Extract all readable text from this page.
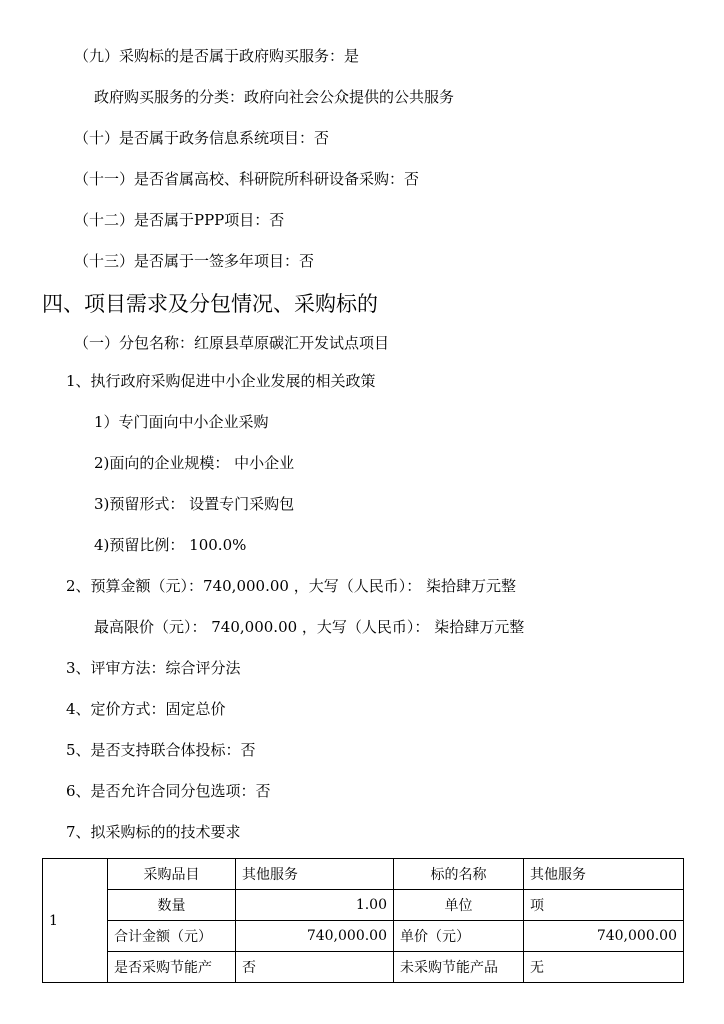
（九）采购标的是否属于政府购买服务：是
政府购买服务的分类：政府向社会公众提供的公共服务
（十）是否属于政务信息系统项目：否
（十一）是否省属高校、科研院所科研设备采购：否
（十二）是否属于PPP项目：否
（十三）是否属于一签多年项目：否
四、项目需求及分包情况、采购标的
（一）分包名称：红原县草原碳汇开发试点项目
1、执行政府采购促进中小企业发展的相关政策
1）专门面向中小企业采购
2)面向的企业规模： 中小企业
3)预留形式： 设置专门采购包
4)预留比例： 100.0%
2、预算金额（元）：740,000.00 ，大写（人民币）： 柒拾肆万元整
最高限价（元）： 740,000.00 ，大写（人民币）： 柒拾肆万元整
3、评审方法：综合评分法
4、定价方式：固定总价
5、是否支持联合体投标：否
6、是否允许合同分包选项：否
7、拟采购标的的技术要求
1	采购品目	其他服务	标的名称	其他服务
	数量	1.00	单位	项
	合计金额（元）	740,000.00	单价（元）	740,000.00
	是否采购节能产	否	未采购节能产品	无
